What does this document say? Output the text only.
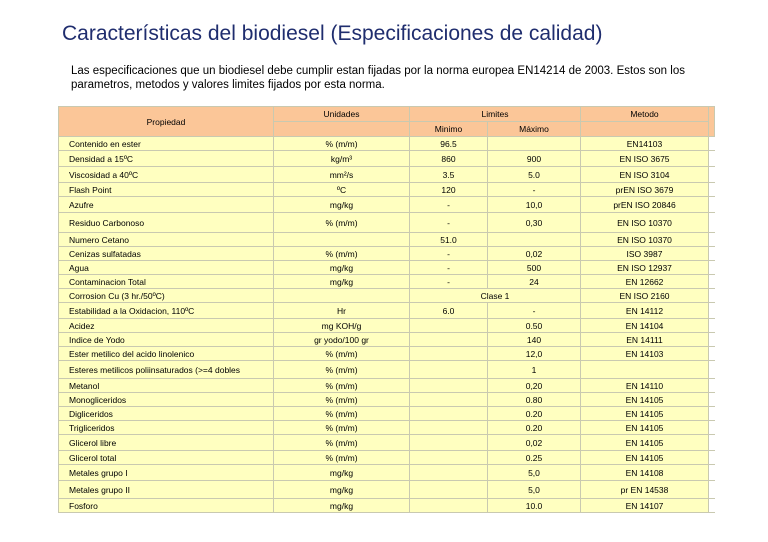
Características del biodiesel (Especificaciones de calidad)

Las especificaciones que un biodiesel debe cumplir estan fijadas por la norma europea EN14214 de 2003. Estos son los parametros, metodos y valores limites fijados por esta norma.

Propiedad	Unidades	Limites		Metodo	
		Minimo	Máximo		
Contenido en ester	% (m/m)	96.5		EN14103	
Densidad a 15ºC	kg/m³	860	900	EN ISO 3675	
Viscosidad a 40ºC	mm²/s	3.5	5.0	EN ISO 3104	
Flash Point	ºC	120	-	prEN ISO 3679	
Azufre	mg/kg	-	10,0	prEN ISO 20846	
Residuo Carbonoso	% (m/m)	-	0,30	EN ISO 10370	
Numero Cetano		51.0		EN ISO 10370	
Cenizas sulfatadas	% (m/m)	-	0,02	ISO 3987	
Agua	mg/kg	-	500	EN ISO 12937	
Contaminacion Total	mg/kg	-	24	EN 12662	
Corrosion Cu (3 hr./50ºC)		Clase 1		EN ISO 2160	
Estabilidad a la Oxidacion, 110ºC	Hr	6.0	-	EN 14112	
Acidez	mg KOH/g		0.50	EN 14104	
Indice de Yodo	gr yodo/100 gr		140	EN 14111	
Ester metilico del acido linolenico	% (m/m)		12,0	EN 14103	
Esteres metilicos poliinsaturados (>=4 dobles	% (m/m)		1		
Metanol	% (m/m)		0,20	EN 14110	
Monogliceridos	% (m/m)		0.80	EN 14105	
Digliceridos	% (m/m)		0.20	EN 14105	
Trigliceridos	% (m/m)		0.20	EN 14105	
Glicerol libre	% (m/m)		0,02	EN 14105	
Glicerol total	% (m/m)		0.25	EN 14105	
Metales grupo I	mg/kg		5,0	EN 14108	
Metales grupo II	mg/kg		5,0	pr EN 14538	
Fosforo	mg/kg		10.0	EN 14107	
